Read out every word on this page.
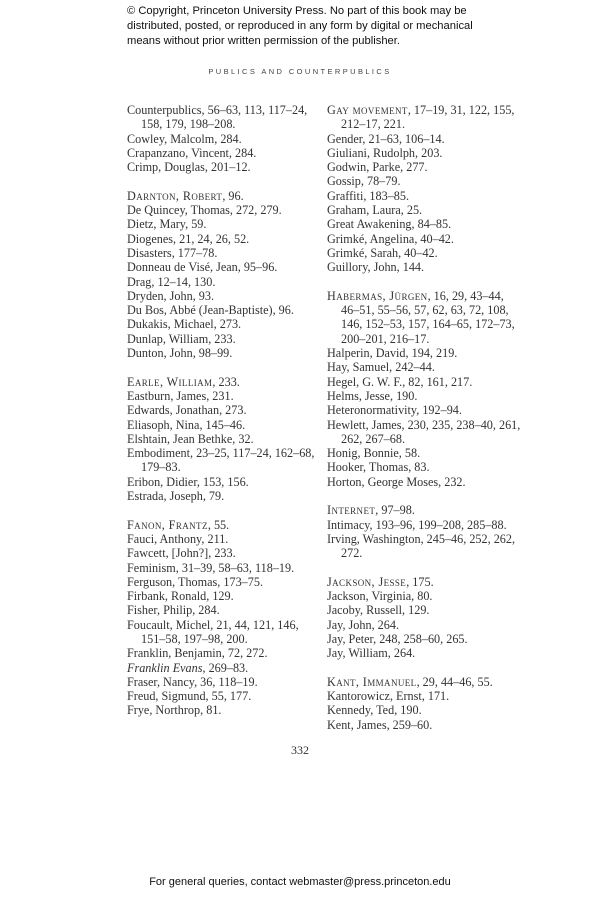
© Copyright, Princeton University Press. No part of this book may be distributed, posted, or reproduced in any form by digital or mechanical means without prior written permission of the publisher.
PUBLICS AND COUNTERPUBLICS
Counterpublics, 56–63, 113, 117–24, 158, 179, 198–208.
Cowley, Malcolm, 284.
Crapanzano, Vincent, 284.
Crimp, Douglas, 201–12.
Darnton, Robert, 96.
De Quincey, Thomas, 272, 279.
Dietz, Mary, 59.
Diogenes, 21, 24, 26, 52.
Disasters, 177–78.
Donneau de Visé, Jean, 95–96.
Drag, 12–14, 130.
Dryden, John, 93.
Du Bos, Abbé (Jean-Baptiste), 96.
Dukakis, Michael, 273.
Dunlap, William, 233.
Dunton, John, 98–99.
Earle, William, 233.
Eastburn, James, 231.
Edwards, Jonathan, 273.
Eliasoph, Nina, 145–46.
Elshtain, Jean Bethke, 32.
Embodiment, 23–25, 117–24, 162–68, 179–83.
Eribon, Didier, 153, 156.
Estrada, Joseph, 79.
Fanon, Frantz, 55.
Fauci, Anthony, 211.
Fawcett, [John?], 233.
Feminism, 31–39, 58–63, 118–19.
Ferguson, Thomas, 173–75.
Firbank, Ronald, 129.
Fisher, Philip, 284.
Foucault, Michel, 21, 44, 121, 146, 151–58, 197–98, 200.
Franklin, Benjamin, 72, 272.
Franklin Evans, 269–83.
Fraser, Nancy, 36, 118–19.
Freud, Sigmund, 55, 177.
Frye, Northrop, 81.
Gay movement, 17–19, 31, 122, 155, 212–17, 221.
Gender, 21–63, 106–14.
Giuliani, Rudolph, 203.
Godwin, Parke, 277.
Gossip, 78–79.
Graffiti, 183–85.
Graham, Laura, 25.
Great Awakening, 84–85.
Grimké, Angelina, 40–42.
Grimké, Sarah, 40–42.
Guillory, John, 144.
Habermas, Jürgen, 16, 29, 43–44, 46–51, 55–56, 57, 62, 63, 72, 108, 146, 152–53, 157, 164–65, 172–73, 200–201, 216–17.
Halperin, David, 194, 219.
Hay, Samuel, 242–44.
Hegel, G. W. F., 82, 161, 217.
Helms, Jesse, 190.
Heteronormativity, 192–94.
Hewlett, James, 230, 235, 238–40, 261, 262, 267–68.
Honig, Bonnie, 58.
Hooker, Thomas, 83.
Horton, George Moses, 232.
Internet, 97–98.
Intimacy, 193–96, 199–208, 285–88.
Irving, Washington, 245–46, 252, 262, 272.
Jackson, Jesse, 175.
Jackson, Virginia, 80.
Jacoby, Russell, 129.
Jay, John, 264.
Jay, Peter, 248, 258–60, 265.
Jay, William, 264.
Kant, Immanuel, 29, 44–46, 55.
Kantorowicz, Ernst, 171.
Kennedy, Ted, 190.
Kent, James, 259–60.
332
For general queries, contact webmaster@press.princeton.edu
